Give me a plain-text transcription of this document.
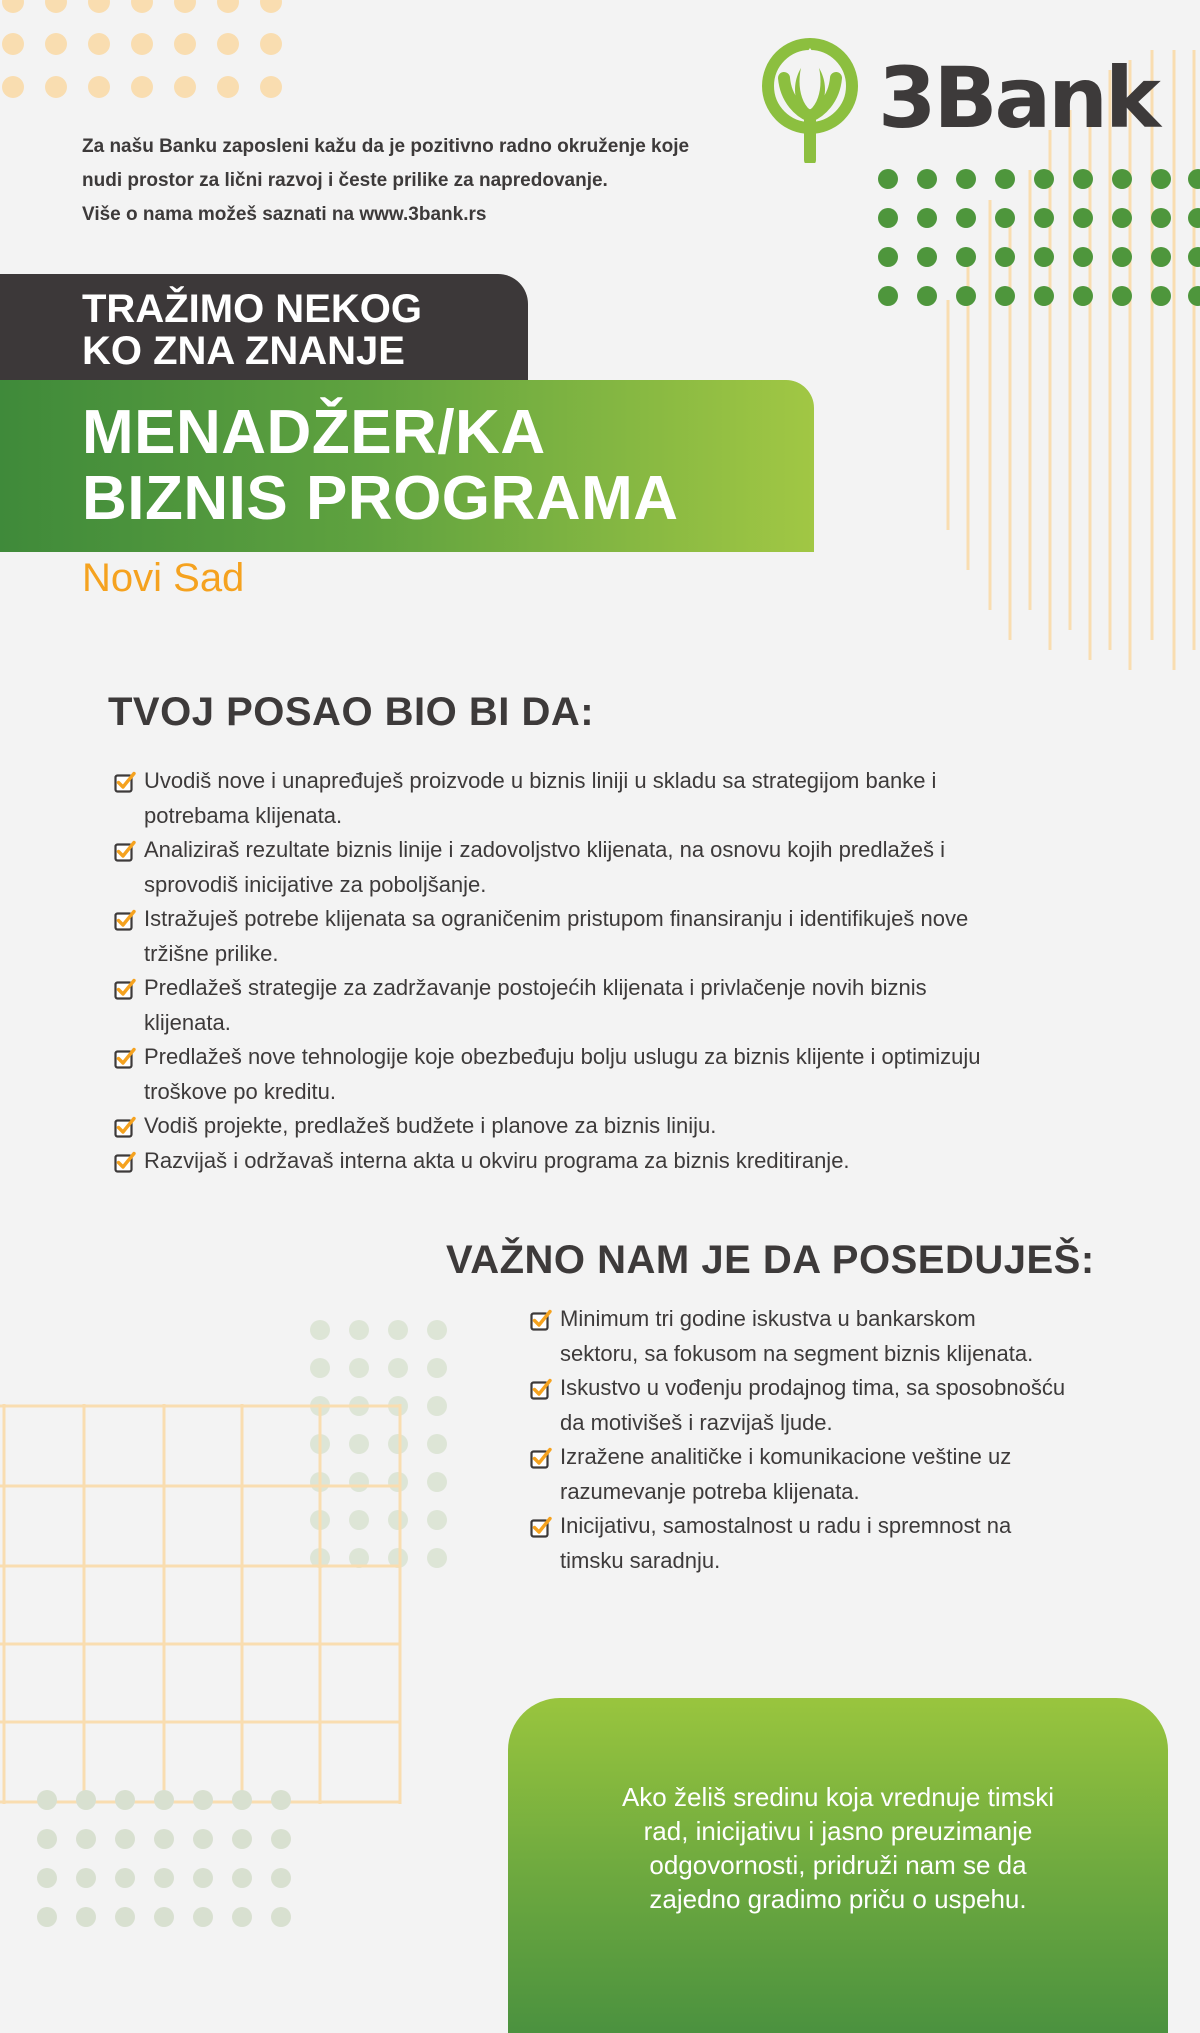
3Bank
Za našu Banku zaposleni kažu da je pozitivno radno okruženje koje
nudi prostor za lični razvoj i česte prilike za napredovanje.
Više o nama možeš saznati na www.3bank.rs
TRAŽIMO NEKOG
KO ZNA ZNANJE
MENADŽER/KA
BIZNIS PROGRAMA
Novi Sad
TVOJ POSAO BIO BI DA:
Uvodiš nove i unapređuješ proizvode u biznis liniji u skladu sa strategijom banke i
potrebama klijenata.
Analiziraš rezultate biznis linije i zadovoljstvo klijenata, na osnovu kojih predlažeš i
sprovodiš inicijative za poboljšanje.
Istražuješ potrebe klijenata sa ograničenim pristupom finansiranju i identifikuješ nove
tržišne prilike.
Predlažeš strategije za zadržavanje postojećih klijenata i privlačenje novih biznis
klijenata.
Predlažeš nove tehnologije koje obezbeđuju bolju uslugu za biznis klijente i optimizuju
troškove po kreditu.
Vodiš projekte, predlažeš budžete i planove za biznis liniju.
Razvijaš i održavaš interna akta u okviru programa za biznis kreditiranje.
VAŽNO NAM JE DA POSEDUJEŠ:
Minimum tri godine iskustva u bankarskom
sektoru, sa fokusom na segment biznis klijenata.
Iskustvo u vođenju prodajnog tima, sa sposobnošću
da motivišeš i razvijaš ljude.
Izražene analitičke i komunikacione veštine uz
razumevanje potreba klijenata.
Inicijativu, samostalnost u radu i spremnost na
timsku saradnju.
Ako želiš sredinu koja vrednuje timski
rad, inicijativu i jasno preuzimanje
odgovornosti, pridruži nam se da
zajedno gradimo priču o uspehu.
